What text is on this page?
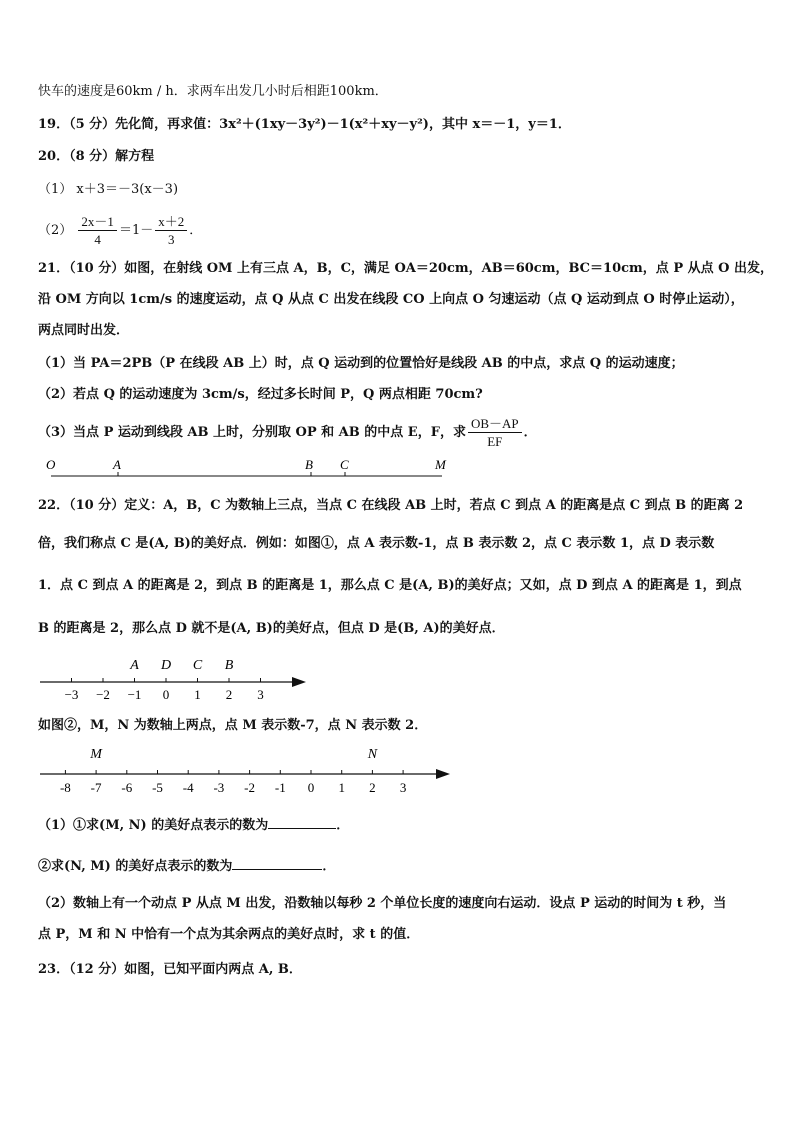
快车的速度是60km / h．求两车出发几小时后相距100km．
19．（5 分）先化简，再求值：3x²＋(1xy－3y²)－1(x²＋xy－y²)，其中 x＝－1，y＝1．
20．（8 分）解方程
（1） x＋3＝－3(x－3)
$(2) \frac{2x-1}{4} =1- \frac{x+2}{3}$ ．
21．（10 分）如图，在射线 OM 上有三点 A，B，C，满足 OA＝20cm，AB＝60cm，BC＝10cm，点 P 从点 O 出发，
沿 OM 方向以 1cm/s 的速度运动，点 Q 从点 C 出发在线段 CO 上向点 O 匀速运动（点 Q 运动到点 O 时停止运动），
两点同时出发．
（1）当 PA＝2PB（P 在线段 AB 上）时，点 Q 运动到的位置恰好是线段 AB 的中点，求点 Q 的运动速度；
（2）若点 Q 的运动速度为 3cm/s，经过多长时间 P，Q 两点相距 70cm?
（3）当点 P 运动到线段 AB 上时，分别取 OP 和 AB 的中点 E，F，求 $\frac{OB-AP}{EF}$ ．
O	A	B C	M
22．（10 分）定义：A，B，C 为数轴上三点，当点 C 在线段 AB 上时，若点 C 到点 A 的距离是点 C 到点 B 的距离 2
倍，我们称点 C 是(A, B)的美好点．例如：如图①，点 A 表示数-1，点 B 表示数 2，点 C 表示数 1，点 D 表示数
1．点 C 到点 A 的距离是 2，到点 B 的距离是 1，那么点 C 是(A, B)的美好点；又如，点 D 到点 A 的距离是 1，到点
B 的距离是 2，那么点 D 就不是(A, B)的美好点，但点 D 是(B, A)的美好点．
−3 −2 −1 0 1 2 3
A D C B
如图②，M，N 为数轴上两点，点 M 表示数-7，点 N 表示数 2．
-8 -7 -6 -5 -4 -3 -2 -1 0 1 2 3
M	N
（1）①求(M, N) 的美好点表示的数为	．
②求(N, M) 的美好点表示的数为	．
（2）数轴上有一个动点 P 从点 M 出发，沿数轴以每秒 2 个单位长度的速度向右运动．设点 P 运动的时间为 t 秒，当
点 P，M 和 N 中恰有一个点为其余两点的美好点时，求 t 的值．
23．（12 分）如图，已知平面内两点 A, B．
